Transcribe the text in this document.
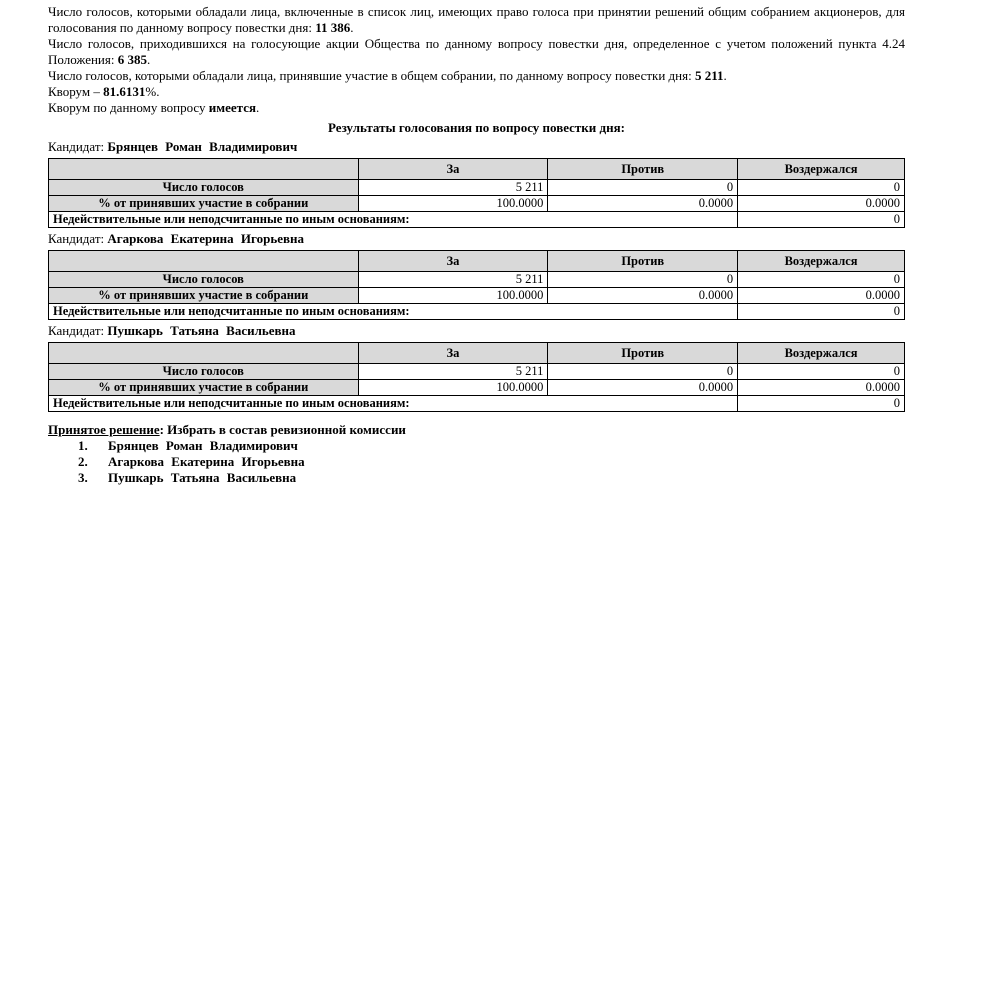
Число голосов, которыми обладали лица, включенные в список лиц, имеющих право голоса при принятии решений общим собранием акционеров, для голосования по данному вопросу повестки дня: 11 386.

Число голосов, приходившихся на голосующие акции Общества по данному вопросу повестки дня, определенное с учетом положений пункта 4.24 Положения: 6 385.

Число голосов, которыми обладали лица, принявшие участие в общем собрании, по данному вопросу повестки дня: 5 211.

Кворум – 81.6131%.

Кворум по данному вопросу имеется.

Результаты голосования по вопросу повестки дня:
Кандидат: Брянцев Роман Владимирович
	За	Против	Воздержался
Число голосов	5 211	0	0
% от принявших участие в собрании	100.0000	0.0000	0.0000
Недействительные или неподсчитанные по иным основаниям:			0
Кандидат: Агаркова Екатерина Игорьевна
	За	Против	Воздержался
Число голосов	5 211	0	0
% от принявших участие в собрании	100.0000	0.0000	0.0000
Недействительные или неподсчитанные по иным основаниям:			0
Кандидат: Пушкарь Татьяна Васильевна
	За	Против	Воздержался
Число голосов	5 211	0	0
% от принявших участие в собрании	100.0000	0.0000	0.0000
Недействительные или неподсчитанные по иным основаниям:			0
Принятое решение: Избрать в состав ревизионной комиссии
1.	Брянцев Роман Владимирович
2.	Агаркова Екатерина Игорьевна
3.	Пушкарь Татьяна Васильевна
